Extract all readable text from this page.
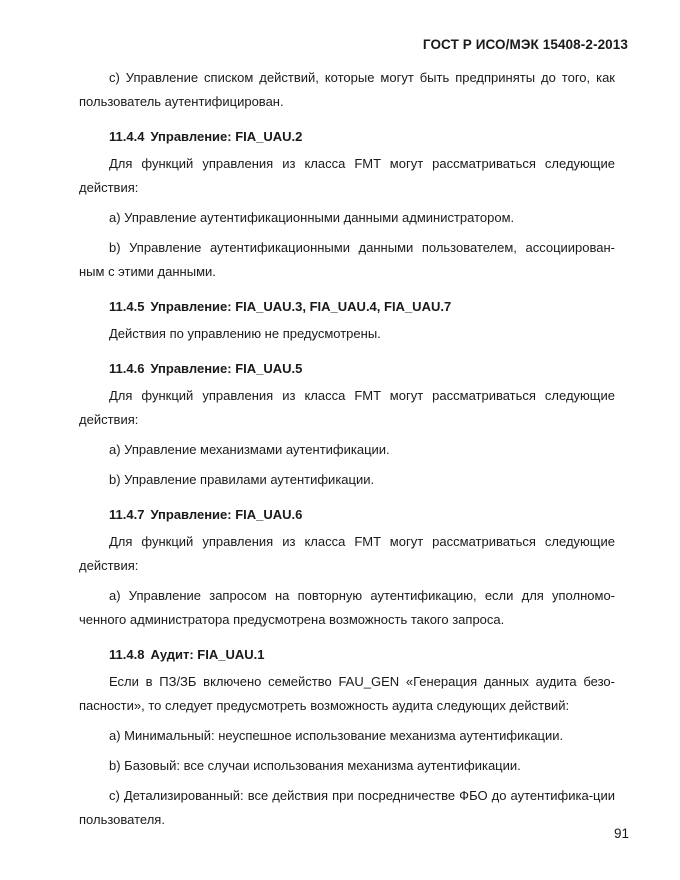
ГОСТ Р ИСО/МЭК 15408-2-2013

c) Управление списком действий, которые могут быть предприняты до того, как пользователь аутентифицирован.

11.4.4 Управление: FIA_UAU.2

Для функций управления из класса FMT могут рассматриваться следующие действия:

a) Управление аутентификационными данными администратором.

b) Управление аутентификационными данными пользователем, ассоциирован-ным с этими данными.

11.4.5 Управление: FIA_UAU.3, FIA_UAU.4, FIA_UAU.7

Действия по управлению не предусмотрены.

11.4.6 Управление: FIA_UAU.5

Для функций управления из класса FMT могут рассматриваться следующие действия:

a) Управление механизмами аутентификации.

b) Управление правилами аутентификации.

11.4.7 Управление: FIA_UAU.6

Для функций управления из класса FMT могут рассматриваться следующие действия:

a) Управление запросом на повторную аутентификацию, если для уполномо-ченного администратора предусмотрена возможность такого запроса.

11.4.8 Аудит: FIA_UAU.1

Если в ПЗ/ЗБ включено семейство FAU_GEN «Генерация данных аудита безо-пасности», то следует предусмотреть возможность аудита следующих действий:

a) Минимальный: неуспешное использование механизма аутентификации.

b) Базовый: все случаи использования механизма аутентификации.

c) Детализированный: все действия при посредничестве ФБО до аутентифика-ции пользователя.

91
